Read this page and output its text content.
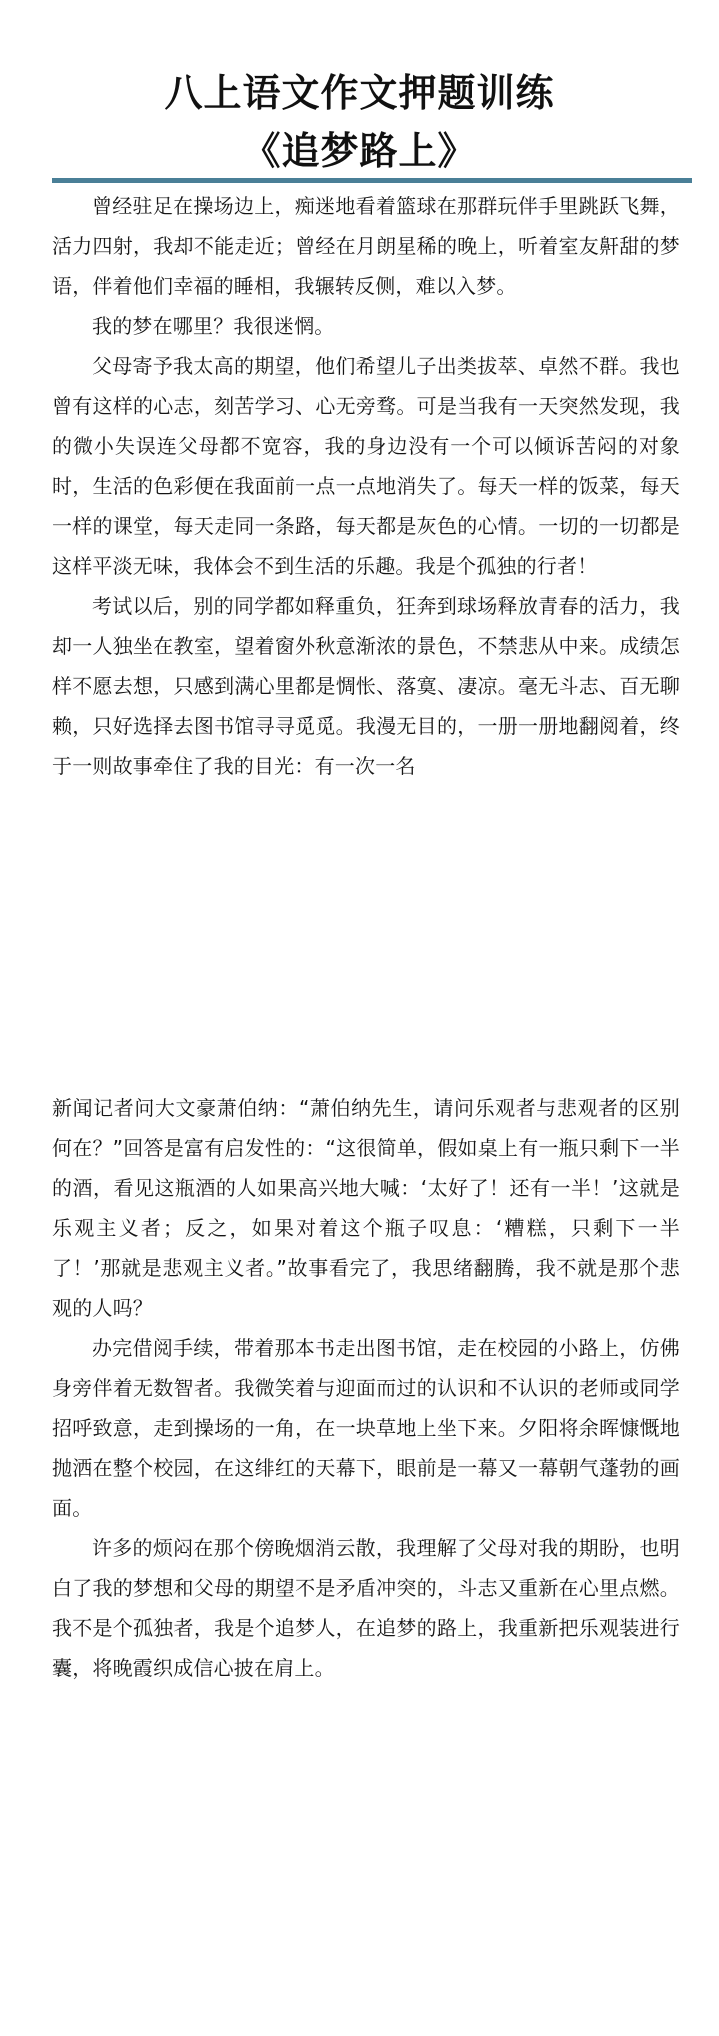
八上语文作文押题训练
《追梦路上》

曾经驻足在操场边上，痴迷地看着篮球在那群玩伴手里跳跃飞舞，活力四射，我却不能走近；曾经在月朗星稀的晚上，听着室友鼾甜的梦语，伴着他们幸福的睡相，我辗转反侧，难以入梦。

我的梦在哪里？我很迷惘。

父母寄予我太高的期望，他们希望儿子出类拔萃、卓然不群。我也曾有这样的心志，刻苦学习、心无旁骛。可是当我有一天突然发现，我的微小失误连父母都不宽容，我的身边没有一个可以倾诉苦闷的对象时，生活的色彩便在我面前一点一点地消失了。每天一样的饭菜，每天一样的课堂，每天走同一条路，每天都是灰色的心情。一切的一切都是这样平淡无味，我体会不到生活的乐趣。我是个孤独的行者！

考试以后，别的同学都如释重负，狂奔到球场释放青春的活力，我却一人独坐在教室，望着窗外秋意渐浓的景色，不禁悲从中来。成绩怎样不愿去想，只感到满心里都是惆怅、落寞、凄凉。毫无斗志、百无聊赖，只好选择去图书馆寻寻觅觅。我漫无目的，一册一册地翻阅着，终于一则故事牵住了我的目光：有一次一名

新闻记者问大文豪萧伯纳：“萧伯纳先生，请问乐观者与悲观者的区别何在？”回答是富有启发性的：“这很简单，假如桌上有一瓶只剩下一半的酒，看见这瓶酒的人如果高兴地大喊：‘太好了！还有一半！’这就是乐观主义者；反之，如果对着这个瓶子叹息：‘糟糕，只剩下一半了！’那就是悲观主义者。”故事看完了，我思绪翻腾，我不就是那个悲观的人吗？

办完借阅手续，带着那本书走出图书馆，走在校园的小路上，仿佛身旁伴着无数智者。我微笑着与迎面而过的认识和不认识的老师或同学招呼致意，走到操场的一角，在一块草地上坐下来。夕阳将余晖慷慨地抛洒在整个校园，在这绯红的天幕下，眼前是一幕又一幕朝气蓬勃的画面。

许多的烦闷在那个傍晚烟消云散，我理解了父母对我的期盼，也明白了我的梦想和父母的期望不是矛盾冲突的，斗志又重新在心里点燃。我不是个孤独者，我是个追梦人，在追梦的路上，我重新把乐观装进行囊，将晚霞织成信心披在肩上。
